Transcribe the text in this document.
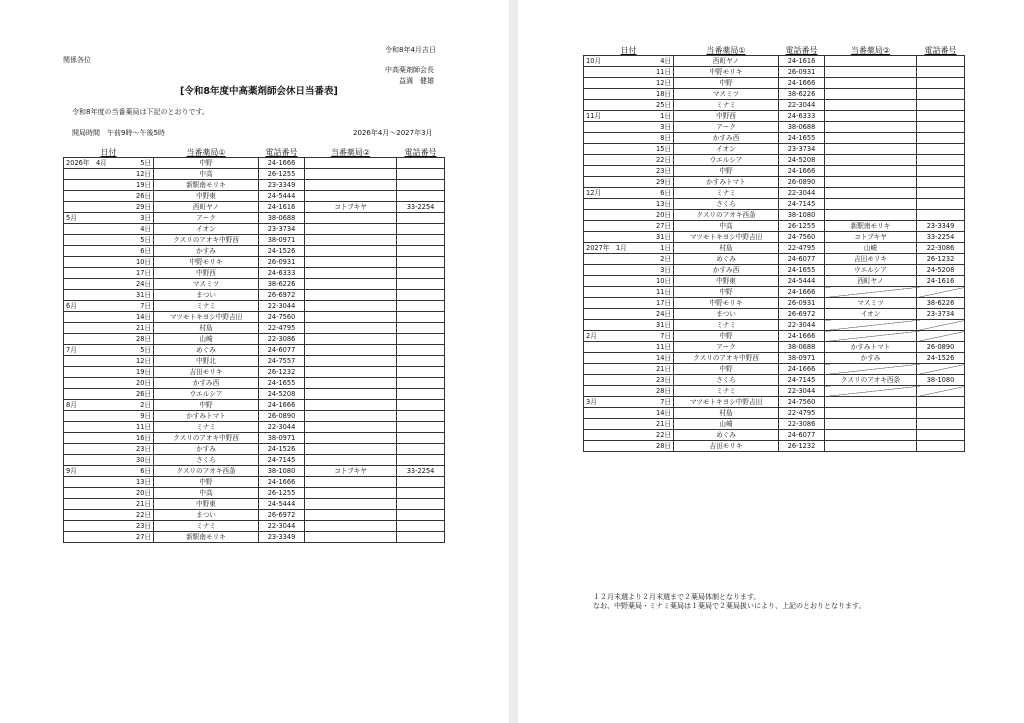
令和8年4月吉日
関係各位
中高薬剤師会長
益満　健雄
[令和8年度中高薬剤師会休日当番表]
令和8年度の当番薬局は下記のとおりです。
開局時間　午前9時〜午後5時	2026年4月〜2027年3月
日付	当番薬局①	電話番号	当番薬局②	電話番号

2026年　4月 5日	中野	24-1666		

12日	中高	26-1255		

19日	新駅南モリキ	23-3349		

26日	中野東	24-5444		

29日	西町ヤノ	24-1616	コトブキヤ	33-2254

5月 3日	アーク	38-0688		

4日	イオン	23-3734		

5日	クスリのアオキ中野西	38-0971		

6日	かすみ	24-1526		

10日	中野モリキ	26-0931		

17日	中野西	24-6333		

24日	マスミツ	38-6226		

31日	まつい	26-6972		

6月 7日	ミナミ	22-3044		

14日	マツモトキヨシ中野吉田	24-7560		

21日	村島	22-4795		

28日	山崎	22-3086		

7月 5日	めぐみ	24-6077		

12日	中野北	24-7557		

19日	吉田モリキ	26-1232		

20日	かすみ西	24-1655		

26日	ウエルシア	24-5208		

8月 2日	中野	24-1666		

9日	かすみトマト	26-0890		

11日	ミナミ	22-3044		

16日	クスリのアオキ中野西	38-0971		

23日	かすみ	24-1526		

30日	さくら	24-7145		

9月 6日	クスリのアオキ西条	38-1080	コトブキヤ	33-2254

13日	中野	24-1666		

20日	中高	26-1255		

21日	中野東	24-5444		

22日	まつい	26-6972		

23日	ミナミ	22-3044		

27日	新駅南モリキ	23-3349		
日付	当番薬局①	電話番号	当番薬局②	電話番号

10月 4日	西町ヤノ	24-1616		

11日	中野モリキ	26-0931		

12日	中野	24-1666		

18日	マスミツ	38-6226		

25日	ミナミ	22-3044		

11月 1日	中野西	24-6333		

3日	アーク	38-0688		

8日	かすみ西	24-1655		

15日	イオン	23-3734		

22日	ウエルシア	24-5208		

23日	中野	24-1666		

29日	かすみトマト	26-0890		

12月 6日	ミナミ	22-3044		

13日	さくら	24-7145		

20日	クスリのアオキ西条	38-1080		

27日	中高	26-1255	新駅南モリキ	23-3349

31日	マツモトキヨシ中野吉田	24-7560	コトブキヤ	33-2254

2027年　1月 1日	村島	22-4795	山崎	22-3086

2日	めぐみ	24-6077	吉田モリキ	26-1232

3日	かすみ西	24-1655	ウエルシア	24-5208

10日	中野東	24-5444	西町ヤノ	24-1616

11日	中野	24-1666		

17日	中野モリキ	26-0931	マスミツ	38-6226

24日	まつい	26-6972	イオン	23-3734

31日	ミナミ	22-3044		

2月 7日	中野	24-1666		

11日	アーク	38-0688	かすみトマト	26-0890

14日	クスリのアオキ中野西	38-0971	かすみ	24-1526

21日	中野	24-1666		

23日	さくら	24-7145	クスリのアオキ西条	38-1080

28日	ミナミ	22-3044		

3月 7日	マツモトキヨシ中野吉田	24-7560		

14日	村島	22-4795		

21日	山崎	22-3086		

22日	めぐみ	24-6077		

28日	吉田モリキ	26-1232		
１２月末週より２月末週まで２薬局体制となります。
なお、中野薬局・ミナミ薬局は１薬局で２薬局扱いにより、上記のとおりとなります。
